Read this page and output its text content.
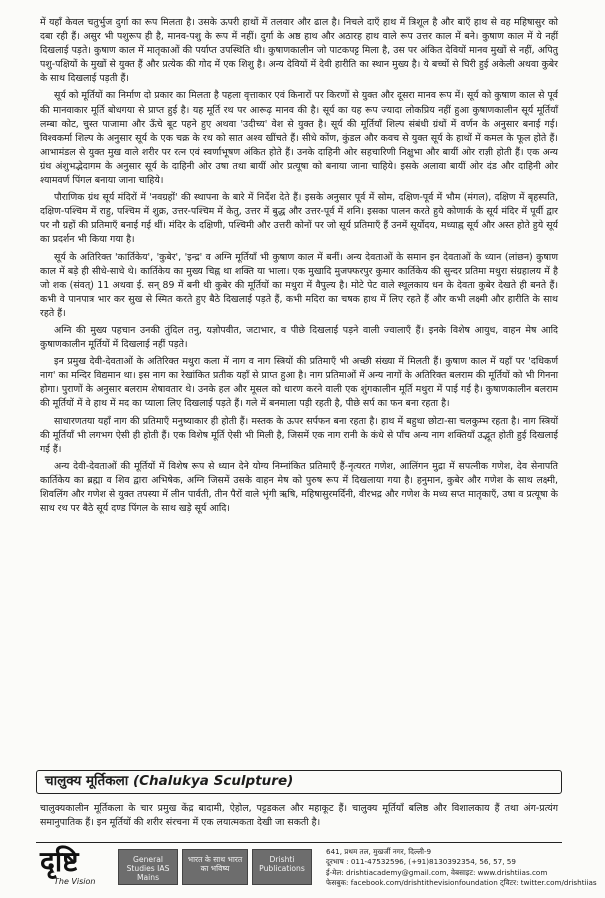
में यहाँ केवल चतुर्भुज दुर्गा का रूप मिलता है। उसके ऊपरी हाथों में तलवार और ढाल है। निचले दाएँ हाथ में त्रिशूल है और बाएँ हाथ से वह महिषासुर को दबा रही हैं। असुर भी पशुरूप ही है, मानव-पशु के रूप में नहीं। दुर्गा के अष्ठ हाथ और अठारह हाथ वाले रूप उत्तर काल में बने। कुषाण काल में ये नहीं दिखलाई पड़ते। कुषाण काल में मातृकाओं की पर्याप्त उपस्थिति थी। कुषाणकालीन जो पाटकपट्ट मिला है, उस पर अंकित देवियों मानव मुखों से नहीं, अपितु पशु-पक्षियों के मुखों से युक्त हैं और प्रत्येक की गोद में एक शिशु है। अन्य देवियों में देवी हारीति का स्थान मुख्य है। ये बच्चों से घिरी हुई अकेली अथवा कुबेर के साथ दिखलाई पड़ती हैं।

सूर्य को मूर्तियों का निर्माण दो प्रकार का मिलता है पहला वृत्ताकार एवं किनारों पर किरणों से युक्त और दूसरा मानव रूप में। सूर्य को कुषाण काल से पूर्व की मानवाकार मूर्ति बोधगया से प्राप्त हुई है। यह मूर्ति रथ पर आरूढ़ मानव की है। सूर्य का यह रूप ज्यादा लोकप्रिय नहीं हुआ कुषाणकालीन सूर्य मूर्तियाँ लम्बा कोट, चुस्त पाजामा और ऊँचे बूट पहने हुए अथवा 'उदीच्य' वेश से युक्त है। सूर्य की मूर्तियाँ शिल्प संबंधी ग्रंथों में वर्णन के अनुसार बनाई गई। विश्वकर्मा शिल्प के अनुसार सूर्य के एक चक्र के रथ को सात अश्व खींचते हैं। सीधे कोंण, कुंडल और कवच से युक्त सूर्य के हाथों में कमल के फूल होते हैं। आभामंडल से युक्त मुख वाले शरीर पर रत्न एवं स्वर्णाभूषण अंकित होते हैं। उनके दाहिनी ओर सहचारिणी निक्षुभा और बायीं ओर राज्ञी होती हैं। एक अन्य ग्रंथ अंशुभद्भेदागम के अनुसार सूर्य के दाहिनी ओर उषा तथा बायीं ओर प्रत्यूषा को बनाया जाना चाहिये। इसके अलावा बायीं ओर दंड और दाहिनी ओर श्यामवर्ण पिंगल बनाया जाना चाहिये।

पौराणिक ग्रंथ सूर्य मंदिरों में 'नवग्रहों' की स्थापना के बारे में निर्देश देते हैं। इसके अनुसार पूर्व में सोम, दक्षिण-पूर्व में भौम (मंगल), दक्षिण में बृहस्पति, दक्षिण-पश्चिम में राहु, पश्चिम में शुक्र, उत्तर-पश्चिम में केतु, उत्तर में बुद्ध और उत्तर-पूर्व में शनि। इसका पालन करते हुये कोणार्क के सूर्य मंदिर में पूर्वी द्वार पर नौ ग्रहों की प्रतिमाएँ बनाई गई थीं। मंदिर के दक्षिणी, पश्चिमी और उत्तरी कोनों पर जो सूर्य प्रतिमाएँ हैं उनमें सूर्योदय, मध्याह्न सूर्य और अस्त होते हुये सूर्य का प्रदर्शन भी किया गया है।

सूर्य के अतिरिक्त 'कार्तिकेय', 'कुबेर', 'इन्द्र' व अग्नि मूर्तियाँ भी कुषाण काल में बनीं। अन्य देवताओं के समान इन देवताओं के ध्यान (लांछन) कुषाण काल में बड़े ही सीधे-साधे थे। कार्तिकेय का मुख्य चिह्न था शक्ति या भाला। एक मुखादि मुजफ्फरपुर कुमार कार्तिकेय की सुन्दर प्रतिमा मथुरा संग्रहालय में है जो शक (संवत्) 11 अथवा ई. सन् 89 में बनी थी कुबेर की मूर्तियों का मथुरा में वैपुल्य है। मोटे पेट वाले स्थूलकाय धन के देवता कुबेर देखते ही बनते हैं। कभी वे पानपात्र भार कर सुख से स्मित करते हुए बैठे दिखलाई पड़ते हैं, कभी मदिरा का चषक हाथ में लिए रहते हैं और कभी लक्ष्मी और हारीति के साथ रहते हैं।

अग्नि की मुख्य पहचान उनकी तुंदिल तनु, यज्ञोपवीत, जटाभार, व पीछे दिखलाई पड़ने वाली ज्वालाएँ हैं। इनके विशेष आयुध, वाहन मेष आदि कुषाणकालीन मूर्तियों में दिखलाई नहीं पड़ते।

इन प्रमुख देवी-देवताओं के अतिरिक्त मथुरा कला में नाग व नाग स्त्रियों की प्रतिमाएँ भी अच्छी संख्या में मिलती हैं। कुषाण काल में यहाँ पर 'दधिकर्ण नाग' का मन्दिर विद्यमान था। इस नाग का रेखांकित प्रतीक यहाँ से प्राप्त हुआ है। नाग प्रतिमाओं में अन्य नागों के अतिरिक्त बलराम की मूर्तियों को भी गिनना होगा। पुराणों के अनुसार बलराम शेषावतार थे। उनके हल और मूसल को धारण करने वाली एक शुंगकालीन मूर्ति मथुरा में पाई गई है। कुषाणकालीन बलराम की मूर्तियों में वे हाथ में मद का प्याला लिए दिखलाई पड़ते हैं। गले में बनमाला पड़ी रहती है, पीछे सर्प का फन बना रहता है।

साधारणतया यहाँ नाग की प्रतिमाएँ मनुष्याकार ही होती हैं। मस्तक के ऊपर सर्पफन बना रहता है। हाथ में बहुधा छोटा-सा चलकुम्भ रहता है। नाग स्त्रियों की मूर्तियाँ भी लगभग ऐसी ही होती हैं। एक विशेष मूर्ति ऐसी भी मिली है, जिसमें एक नाग रानी के कंधे से पाँच अन्य नाग शक्तियाँ उद्भूत होती हुई दिखलाई गई हैं।

अन्य देवी-देवताओं की मूर्तियों में विशेष रूप से ध्यान देने योग्य निम्नांकित प्रतिमाएँ हैं-नृत्यरत गणेश, आलिंगन मुद्रा में सपत्नीक गणेश, देव सेनापति कार्तिकेय का ब्रह्मा व शिव द्वारा अभिषेक, अग्नि जिसमें उसके वाहन मेष को पुरुष रूप में दिखलाया गया है। हनुमान, कुबेर और गणेश के साथ लक्ष्मी, शिवलिंग और गणेश से युक्त तपस्या में लीन पार्वती, तीन पैरों वाले भृंगी ऋषि, महिषासुरमर्दिनी, वीरभद्र और गणेश के मध्य सप्त मातृकाएँ, उषा व प्रत्यूषा के साथ रथ पर बैठे सूर्य दण्ड पिंगल के साथ खड़े सूर्य आदि।

चालुक्य मूर्तिकला (Chalukya Sculpture)
चालुक्यकालीन मूर्तिकला के चार प्रमुख केंद्र बादामी, ऐहोल, पट्टडकल और महाकूट हैं। चालुक्य मूर्तियाँ बलिष्ठ और विशालकाय हैं तथा अंग-प्रत्यंग समानुपातिक हैं। इन मूर्तियों की शरीर संरचना में एक लयात्मकता देखी जा सकती है।
दृष्टि
The Vision
General Studies IAS Mains
भारत के साथ भारत का भविष्य
Drishti Publications
641, प्रथम तल, मुखर्जी नगर, दिल्ली-9
दूरभाष : 011-47532596, (+91)8130392354, 56, 57, 59
ई-मेल: drishtiacademy@gmail.com, वेबसाइट: www.drishtiias.com
फेसबुक: facebook.com/drishtithevisionfoundation ट्विटर: twitter.com/drishtiias
